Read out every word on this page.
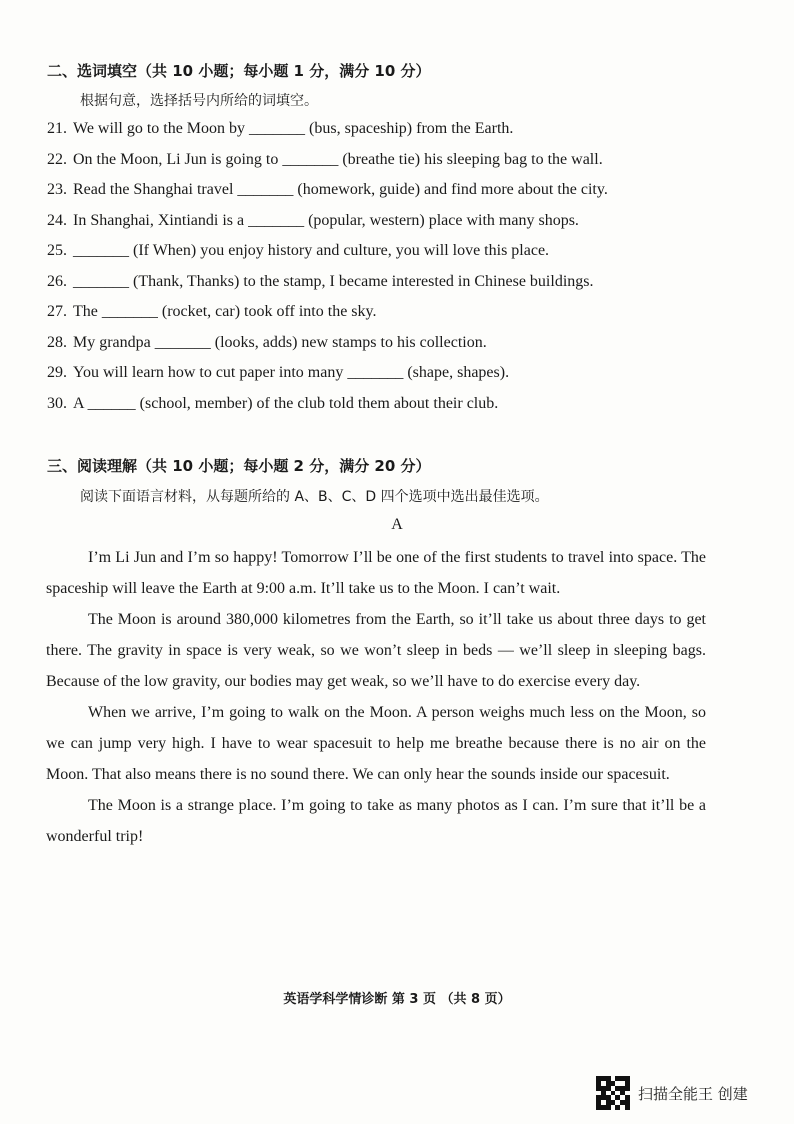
二、选词填空（共 10 小题；每小题 1 分，满分 10 分）
根据句意，选择括号内所给的词填空。
21. We will go to the Moon by _______ (bus, spaceship) from the Earth.
22. On the Moon, Li Jun is going to _______ (breathe tie) his sleeping bag to the wall.
23. Read the Shanghai travel _______ (homework, guide) and find more about the city.
24. In Shanghai, Xintiandi is a _______ (popular, western) place with many shops.
25. _______ (If When) you enjoy history and culture, you will love this place.
26. _______ (Thank, Thanks) to the stamp, I became interested in Chinese buildings.
27. The _______ (rocket, car) took off into the sky.
28. My grandpa _______ (looks, adds) new stamps to his collection.
29. You will learn how to cut paper into many _______ (shape, shapes).
30. A ______ (school, member) of the club told them about their club.
三、阅读理解（共 10 小题；每小题 2 分，满分 20 分）
阅读下面语言材料，从每题所给的 A、B、C、D 四个选项中选出最佳选项。
A

I’m Li Jun and I’m so happy! Tomorrow I’ll be one of the first students to travel into space. The spaceship will leave the Earth at 9:00 a.m. It’ll take us to the Moon. I can’t wait.

The Moon is around 380,000 kilometres from the Earth, so it’ll take us about three days to get there. The gravity in space is very weak, so we won’t sleep in beds — we’ll sleep in sleeping bags. Because of the low gravity, our bodies may get weak, so we’ll have to do exercise every day.

When we arrive, I’m going to walk on the Moon. A person weighs much less on the Moon, so we can jump very high. I have to wear spacesuit to help me breathe because there is no air on the Moon. That also means there is no sound there. We can only hear the sounds inside our spacesuit.

The Moon is a strange place. I’m going to take as many photos as I can. I’m sure that it’ll be a wonderful trip!

英语学科学情诊断 第 3 页 （共 8 页）
扫描全能王 创建
